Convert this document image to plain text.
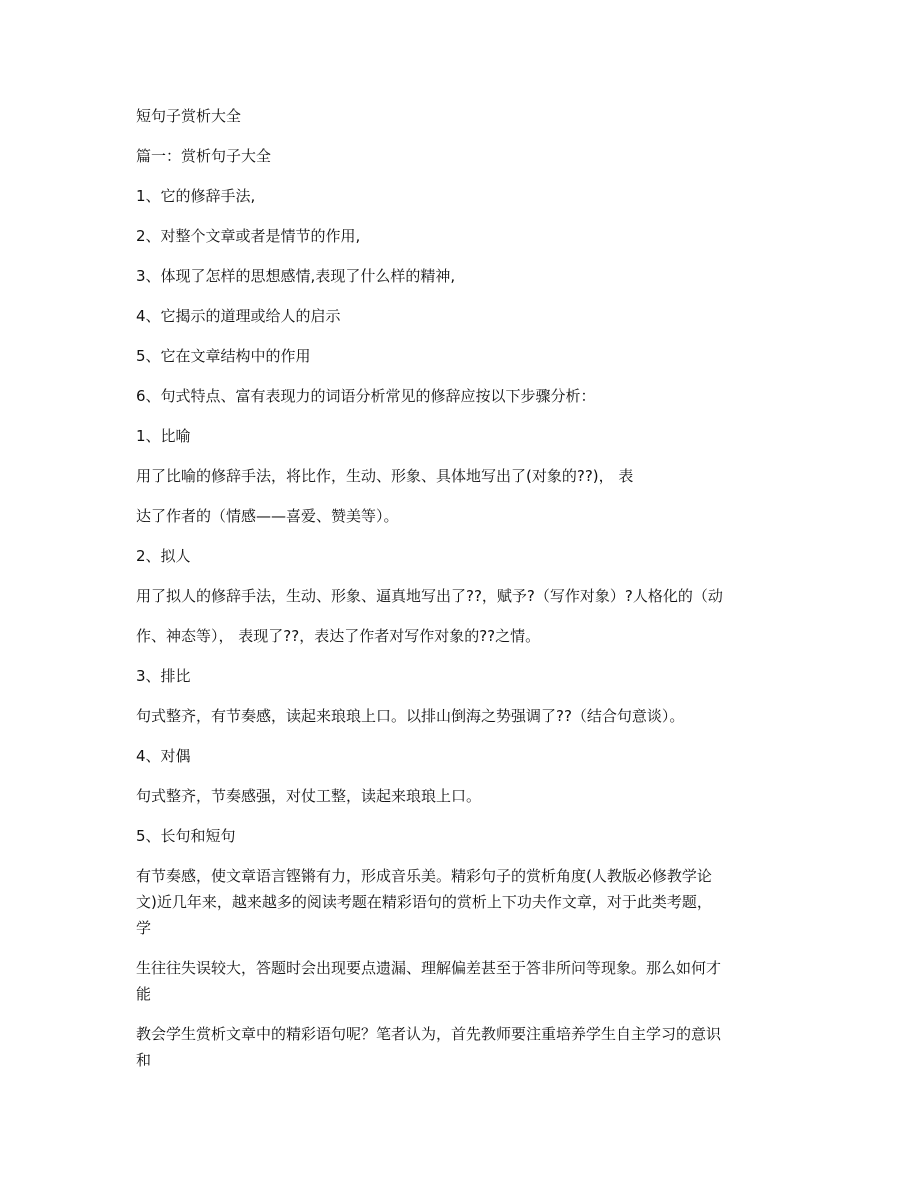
短句子赏析大全

篇一：赏析句子大全

1、它的修辞手法,

2、对整个文章或者是情节的作用,

3、体现了怎样的思想感情,表现了什么样的精神,

4、它揭示的道理或给人的启示

5、它在文章结构中的作用

6、句式特点、富有表现力的词语分析常见的修辞应按以下步骤分析：

1、比喻

用了比喻的修辞手法，将比作，生动、形象、具体地写出了(对象的??)， 表

达了作者的（情感——喜爱、赞美等）。

2、拟人

用了拟人的修辞手法，生动、形象、逼真地写出了??，赋予?（写作对象）?人格化的（动

作、神态等）， 表现了??，表达了作者对写作对象的??之情。

3、排比

句式整齐，有节奏感，读起来琅琅上口。以排山倒海之势强调了??（结合句意谈）。

4、对偶

句式整齐，节奏感强，对仗工整，读起来琅琅上口。

5、长句和短句

有节奏感，使文章语言铿锵有力，形成音乐美。精彩句子的赏析角度(人教版必修教学论

文)近几年来，越来越多的阅读考题在精彩语句的赏析上下功夫作文章，对于此类考题，

学

生往往失误较大，答题时会出现要点遗漏、理解偏差甚至于答非所问等现象。那么如何才

能

教会学生赏析文章中的精彩语句呢？笔者认为，首先教师要注重培养学生自主学习的意识

和
